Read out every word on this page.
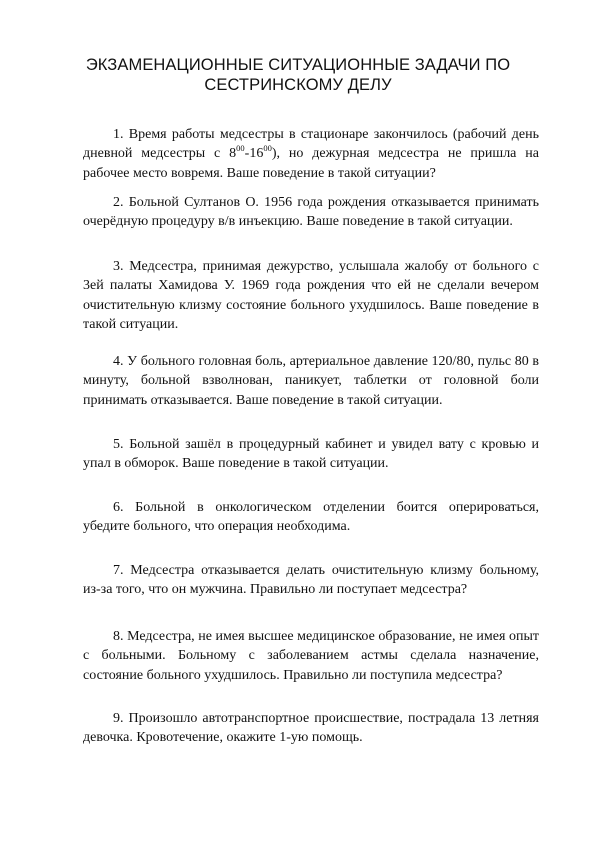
ЭКЗАМЕНАЦИОННЫЕ СИТУАЦИОННЫЕ ЗАДАЧИ ПО
СЕСТРИНСКОМУ ДЕЛУ

1. Время работы медсестры в стационаре закончилось (рабочий день дневной медсестры с $8^{00}-16^{00}$), но дежурная медсестра не пришла на рабочее место вовремя. Ваше поведение в такой ситуации?

2. Больной Султанов О. 1956 года рождения отказывается принимать очерёдную процедуру в/в инъекцию. Ваше поведение в такой ситуации.

3. Медсестра, принимая дежурство, услышала жалобу от больного с 3ей палаты Хамидова У. 1969 года рождения что ей не сделали вечером очистительную клизму состояние больного ухудшилось. Ваше поведение в такой ситуации.

4. У больного головная боль, артериальное давление 120/80, пульс 80 в минуту, больной взволнован, паникует, таблетки от головной боли принимать отказывается. Ваше поведение в такой ситуации.

5. Больной зашёл в процедурный кабинет и увидел вату с кровью и упал в обморок. Ваше поведение в такой ситуации.

6. Больной в онкологическом отделении боится оперироваться, убедите больного, что операция необходима.

7. Медсестра отказывается делать очистительную клизму больному, из-за того, что он мужчина. Правильно ли поступает медсестра?

8. Медсестра, не имея высшее медицинское образование, не имея опыт с больными. Больному с заболеванием астмы сделала назначение, состояние больного ухудшилось. Правильно ли поступила медсестра?

9. Произошло автотранспортное происшествие, пострадала 13 летняя девочка. Кровотечение, окажите 1-ую помощь.
